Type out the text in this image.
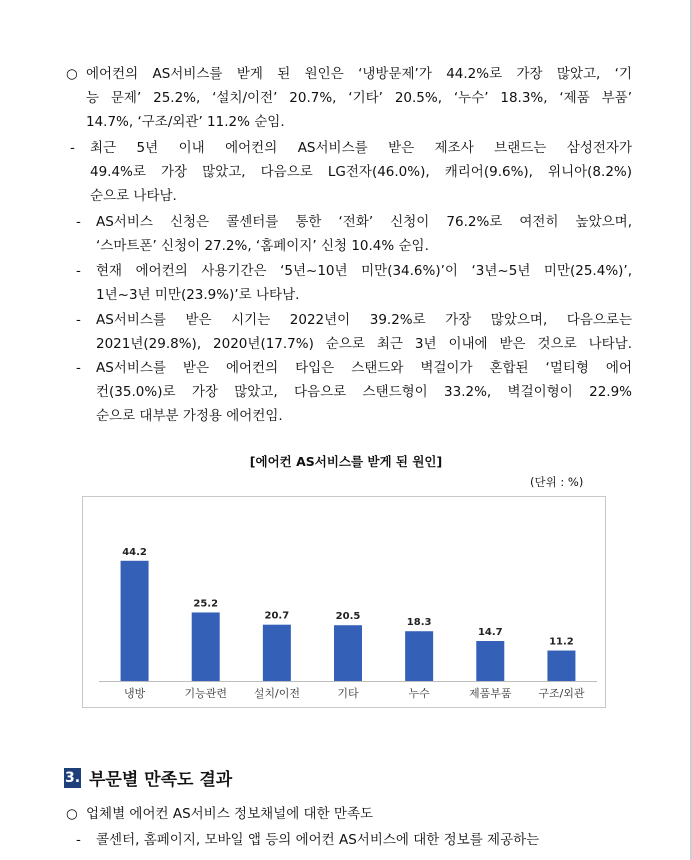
○ 에어컨의 AS서비스를 받게 된 원인은 ‘냉방문제’가 44.2%로 가장 많았고, ‘기
능 문제’ 25.2%, ‘설치/이전’ 20.7%, ‘기타’ 20.5%, ‘누수’ 18.3%, ‘제품 부품’
14.7%, ‘구조/외관’ 11.2% 순임.
- 최근 5년 이내 에어컨의 AS서비스를 받은 제조사 브랜드는 삼성전자가
49.4%로 가장 많았고, 다음으로 LG전자(46.0%), 캐리어(9.6%), 위니아(8.2%)
순으로 나타남.
- AS서비스 신청은 콜센터를 통한 ‘전화’ 신청이 76.2%로 여전히 높았으며,
‘스마트폰’ 신청이 27.2%, ‘홈페이지’ 신청 10.4% 순임.
- 현재 에어컨의 사용기간은 ‘5년~10년 미만(34.6%)’이 ‘3년~5년 미만(25.4%)’,
1년~3년 미만(23.9%)’로 나타남.
- AS서비스를 받은 시기는 2022년이 39.2%로 가장 많았으며, 다음으로는
2021년(29.8%), 2020년(17.7%) 순으로 최근 3년 이내에 받은 것으로 나타남.
- AS서비스를 받은 에어컨의 타입은 스탠드와 벽걸이가 혼합된 ‘멀티형 에어
컨(35.0%)로 가장 많았고, 다음으로 스탠드형이 33.2%, 벽걸이형이 22.9%
순으로 대부분 가정용 에어컨임.
[에어컨 AS서비스를 받게 된 원인]
(단위 : %)
44.2
냉방
25.2
기능관련
20.7
설치/이전
20.5
기타
18.3
누수
14.7
제품부품
11.2
구조/외관
3. 부문별 만족도 결과
○ 업체별 에어컨 AS서비스 정보채널에 대한 만족도
- 콜센터, 홈페이지, 모바일 앱 등의 에어컨 AS서비스에 대한 정보를 제공하는
